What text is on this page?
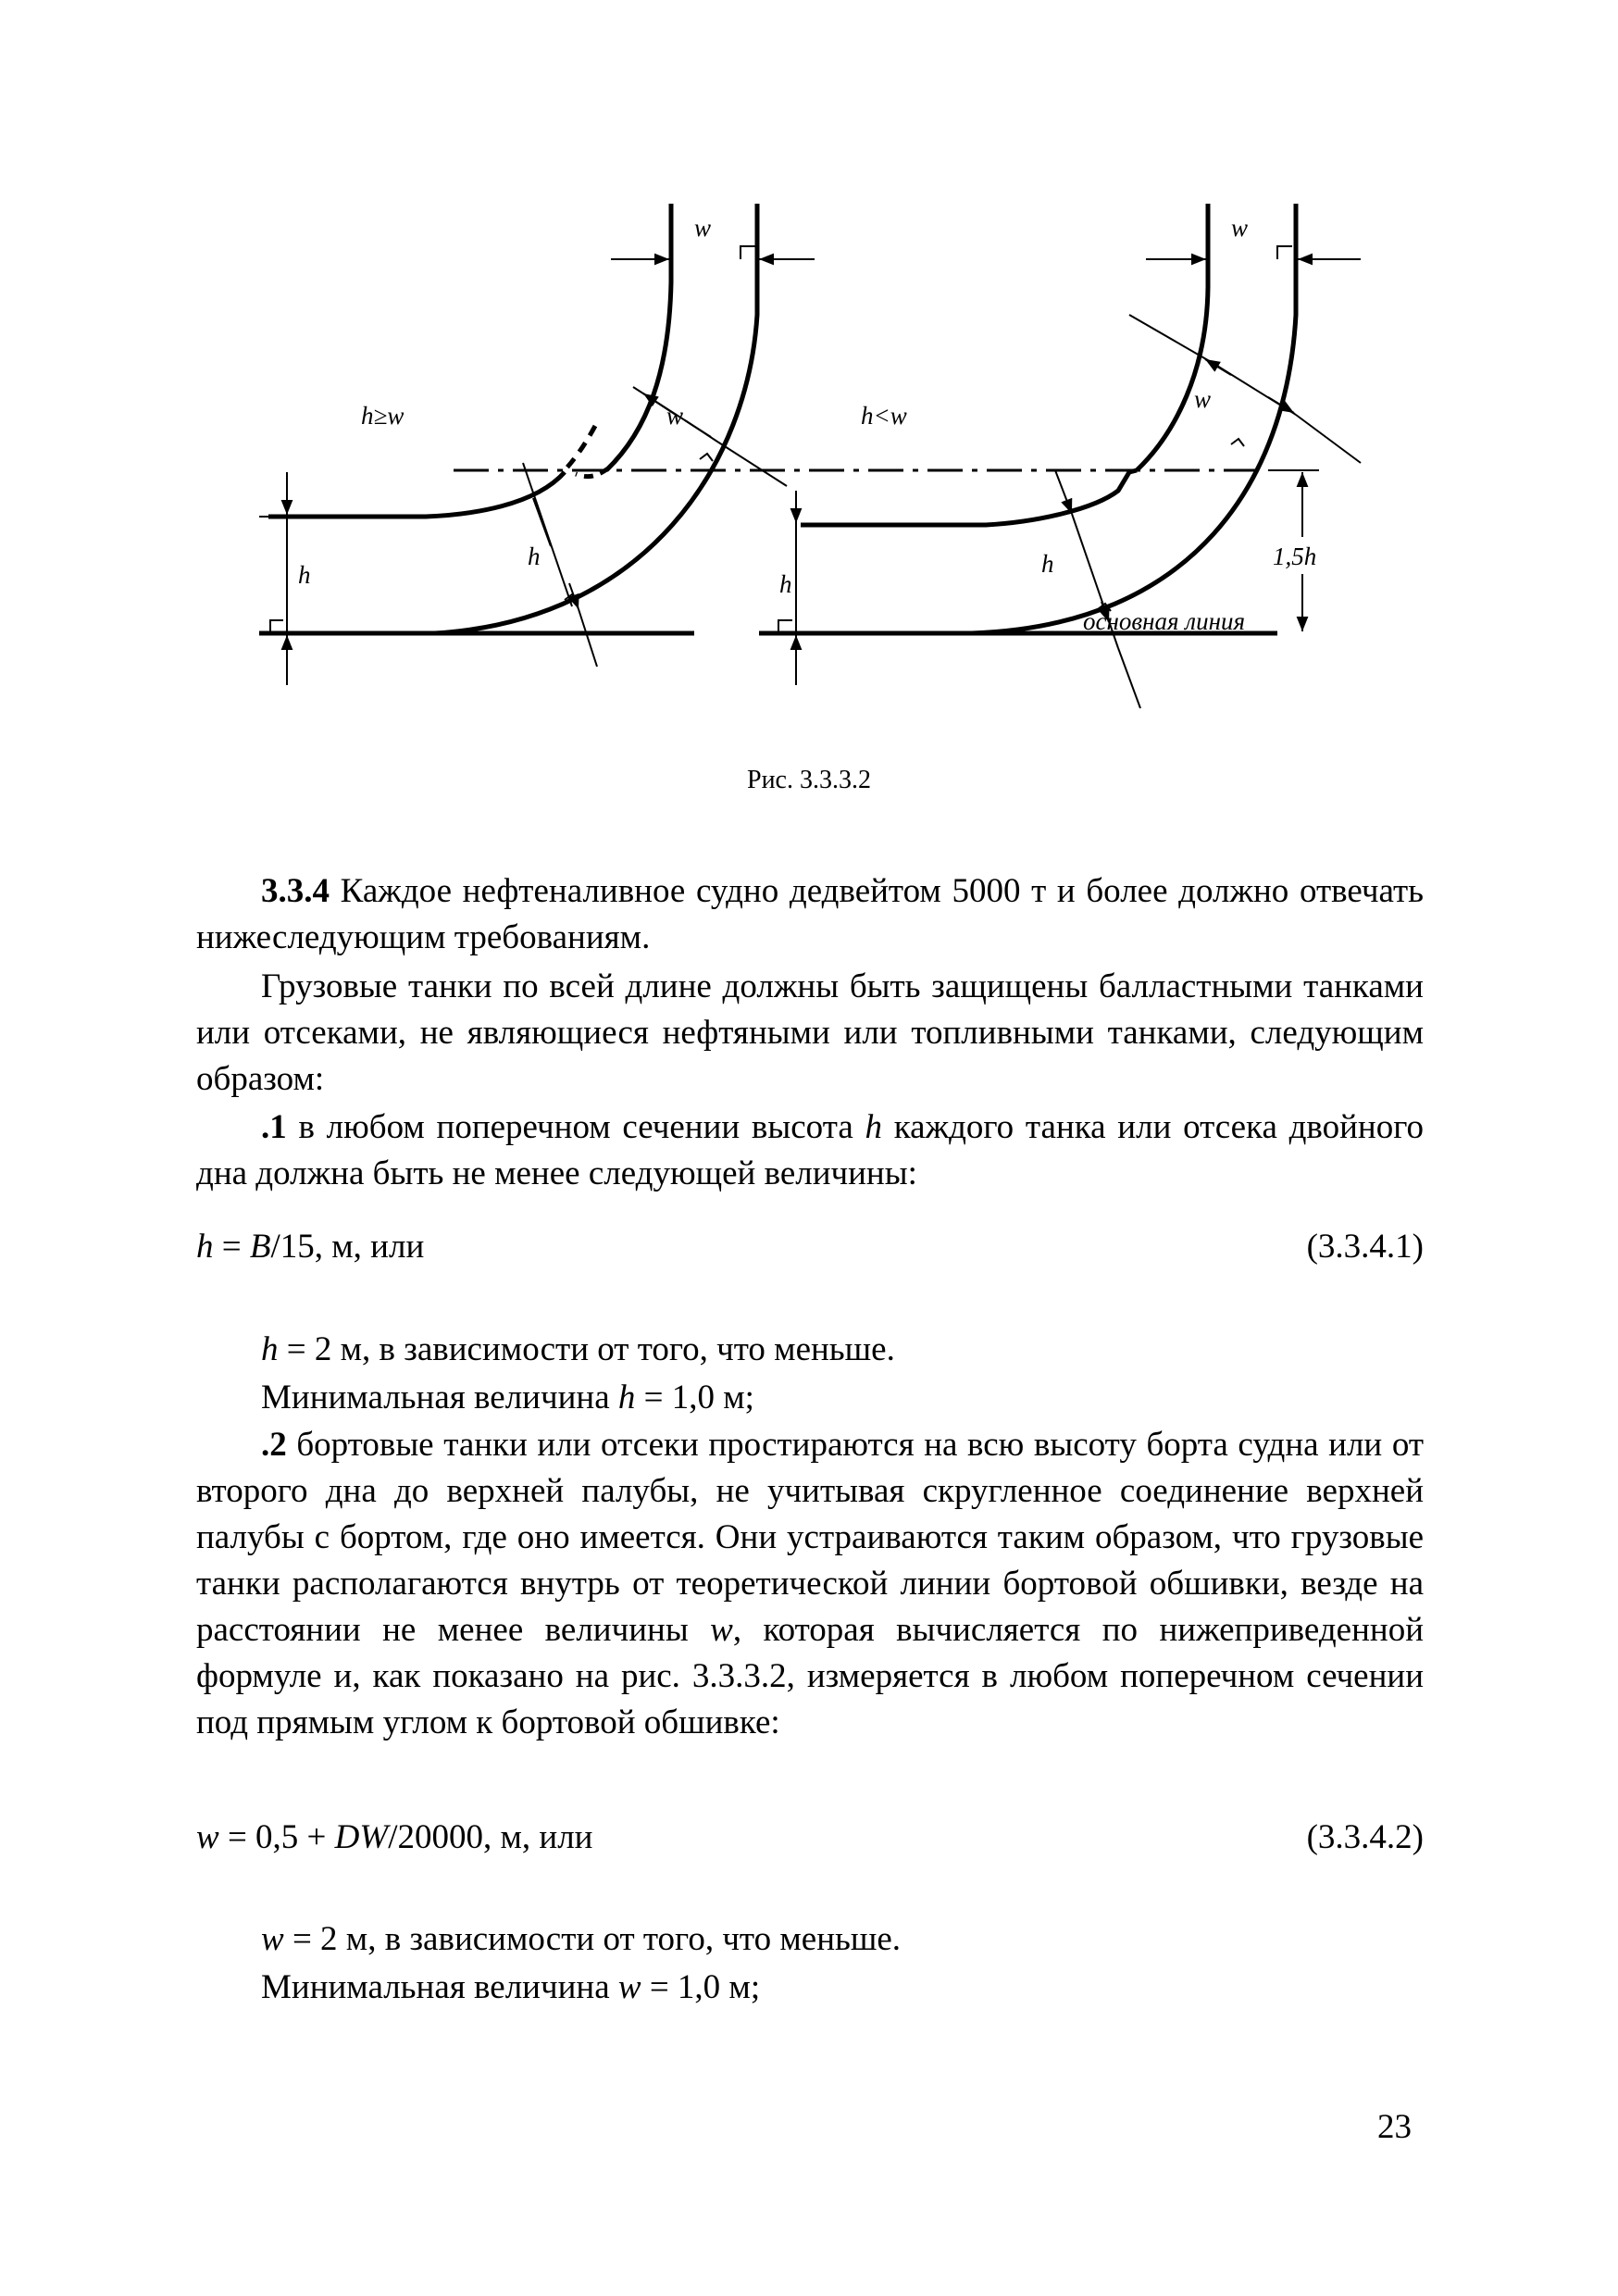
w
h≥w	w
h
h
w
h<w
w
h
h
1,5h
основная линия
Рис. 3.3.3.2

3.3.4 Каждое нефтеналивное судно дедвейтом 5000 т и более должно отвечать нижеследующим требованиям.

Грузовые танки по всей длине должны быть защищены балластными танками или отсеками, не являющиеся нефтяными или топливными танками, следующим образом:

.1 в любом поперечном сечении высота h каждого танка или отсека двойного дна должна быть не менее следующей величины:

h = B/15, м, или	(3.3.4.1)
h = 2 м, в зависимости от того, что меньше.
Минимальная величина h = 1,0 м;

.2 бортовые танки или отсеки простираются на всю высоту борта судна или от второго дна до верхней палубы, не учитывая скругленное соединение верхней палубы с бортом, где оно имеется. Они устраиваются таким образом, что грузовые танки располагаются внутрь от теоретической линии бортовой обшивки, везде на расстоянии не менее величины w, которая вычисляется по нижеприведенной формуле и, как показано на рис. 3.3.3.2, измеряется в любом поперечном сечении под прямым углом к бортовой обшивке:

w = 0,5 + DW/20000, м, или	(3.3.4.2)
w = 2 м, в зависимости от того, что меньше.
Минимальная величина w = 1,0 м;
23
